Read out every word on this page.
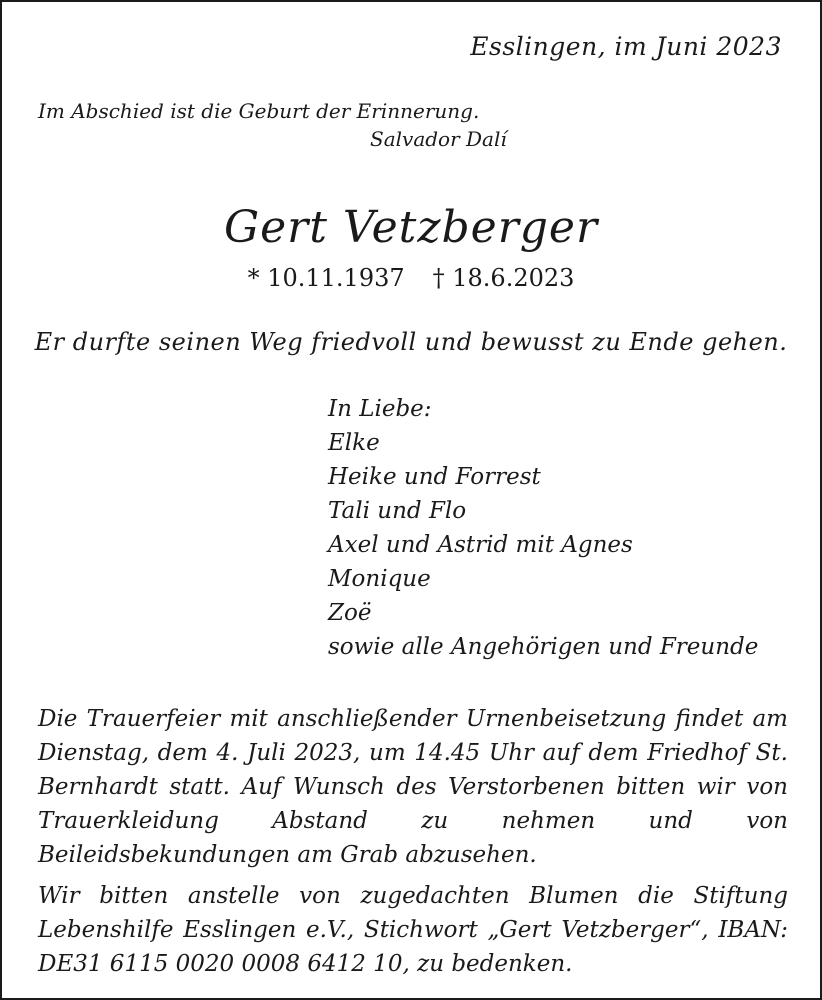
Esslingen, im Juni 2023
Im Abschied ist die Geburt der Erinnerung.
Salvador Dalí
Gert Vetzberger
* 10.11.1937 † 18.6.2023
Er durfte seinen Weg friedvoll und bewusst zu Ende gehen.
In Liebe:
Elke
Heike und Forrest
Tali und Flo
Axel und Astrid mit Agnes
Monique
Zoë
sowie alle Angehörigen und Freunde
Die Trauerfeier mit anschließender Urnenbeisetzung findet am Dienstag, dem 4. Juli 2023, um 14.45 Uhr auf dem Friedhof St. Bernhardt statt. Auf Wunsch des Verstorbenen bitten wir von Trauerkleidung Abstand zu nehmen und von Beileidsbekundungen am Grab abzusehen.
Wir bitten anstelle von zugedachten Blumen die Stiftung Lebenshilfe Esslingen e.V., Stichwort „Gert Vetzberger“, IBAN: DE31 6115 0020 0008 6412 10, zu bedenken.
